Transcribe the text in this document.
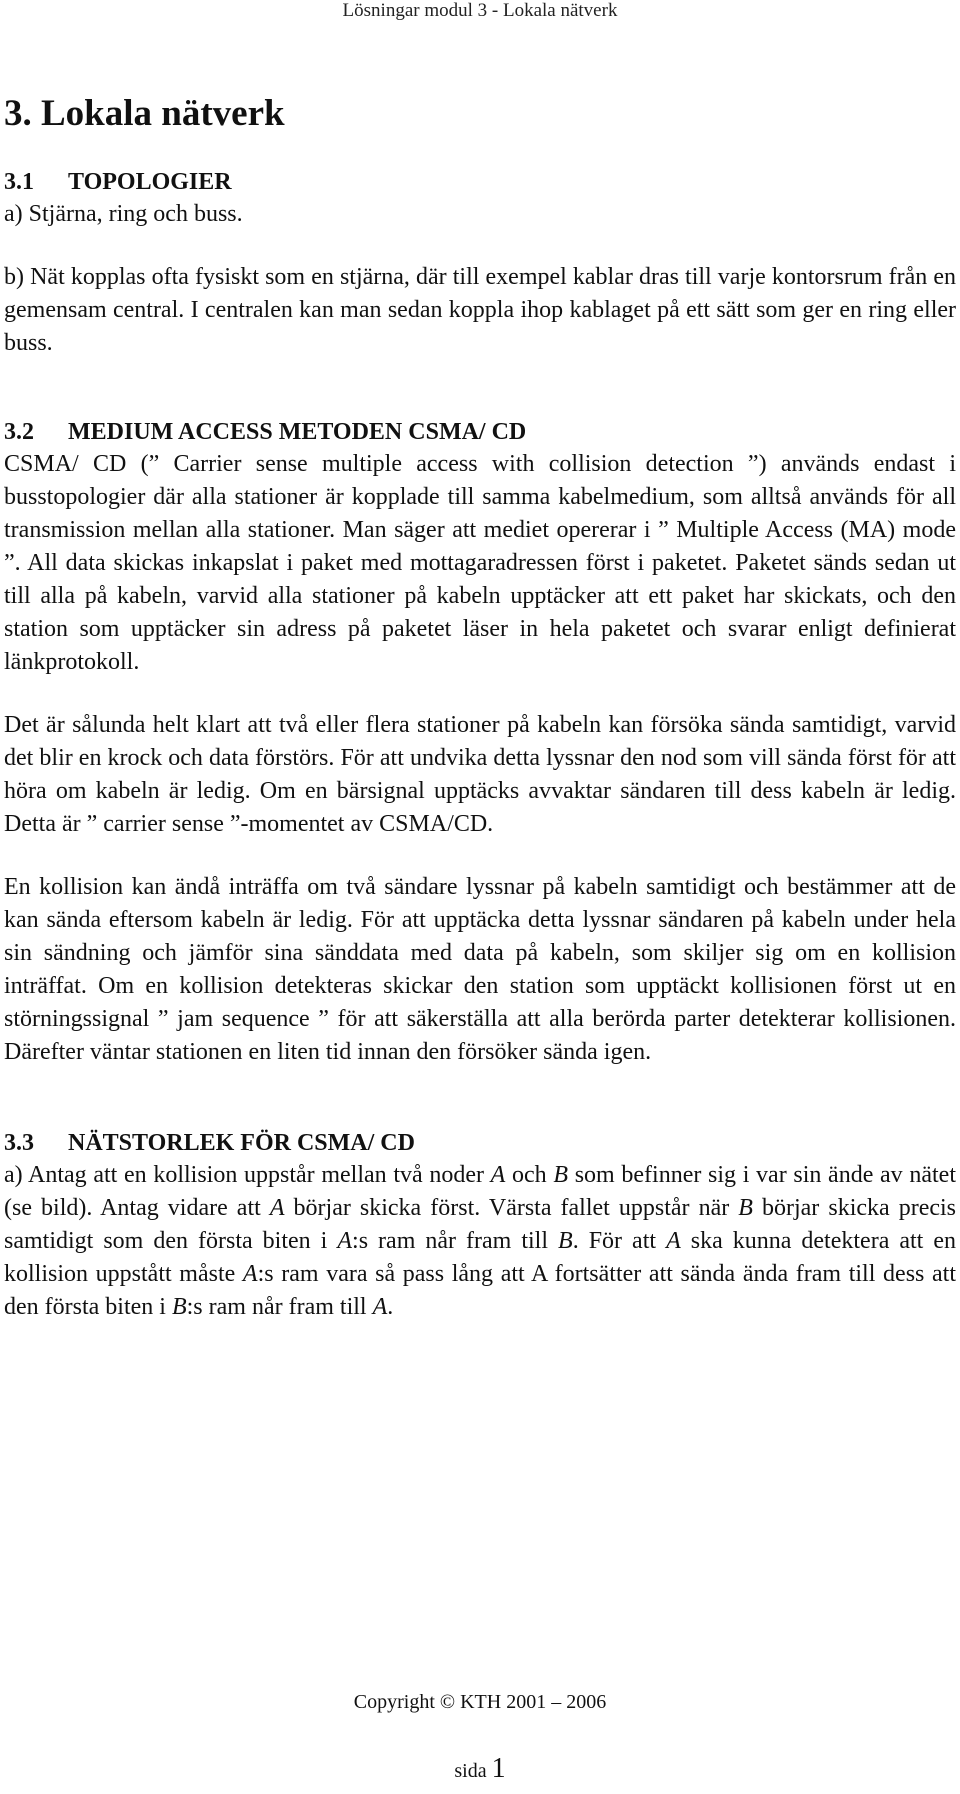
Lösningar modul 3 - Lokala nätverk
3. Lokala nätverk
3.1 TOPOLOGIER

a) Stjärna, ring och buss.

b) Nät kopplas ofta fysiskt som en stjärna, där till exempel kablar dras till varje kontorsrum från en gemensam central. I centralen kan man sedan koppla ihop kablaget på ett sätt som ger en ring eller buss.

3.2 MEDIUM ACCESS METODEN CSMA/ CD

CSMA/ CD (” Carrier sense multiple access with collision detection ”) används endast i busstopologier där alla stationer är kopplade till samma kabelmedium, som alltså används för all transmission mellan alla stationer. Man säger att mediet opererar i ” Multiple Access (MA) mode ”. All data skickas inkapslat i paket med mottagaradressen först i paketet. Paketet sänds sedan ut till alla på kabeln, varvid alla stationer på kabeln upptäcker att ett paket har skickats, och den station som upptäcker sin adress på paketet läser in hela paketet och svarar enligt definierat länkprotokoll.

Det är sålunda helt klart att två eller flera stationer på kabeln kan försöka sända samtidigt, varvid det blir en krock och data förstörs. För att undvika detta lyssnar den nod som vill sända först för att höra om kabeln är ledig. Om en bärsignal upptäcks avvaktar sändaren till dess kabeln är ledig. Detta är ” carrier sense ”-momentet av CSMA/CD.

En kollision kan ändå inträffa om två sändare lyssnar på kabeln samtidigt och bestämmer att de kan sända eftersom kabeln är ledig. För att upptäcka detta lyssnar sändaren på kabeln under hela sin sändning och jämför sina sänddata med data på kabeln, som skiljer sig om en kollision inträffat. Om en kollision detekteras skickar den station som upptäckt kollisionen först ut en störningssignal ” jam sequence ” för att säkerställa att alla berörda parter detekterar kollisionen. Därefter väntar stationen en liten tid innan den försöker sända igen.

3.3 NÄTSTORLEK FÖR CSMA/ CD

a) Antag att en kollision uppstår mellan två noder A och B som befinner sig i var sin ände av nätet (se bild). Antag vidare att A börjar skicka först. Värsta fallet uppstår när B börjar skicka precis samtidigt som den första biten i A:s ram når fram till B. För att A ska kunna detektera att en kollision uppstått måste A:s ram vara så pass lång att A fortsätter att sända ända fram till dess att den första biten i B:s ram når fram till A.

Copyright © KTH 2001 – 2006
sida 1
